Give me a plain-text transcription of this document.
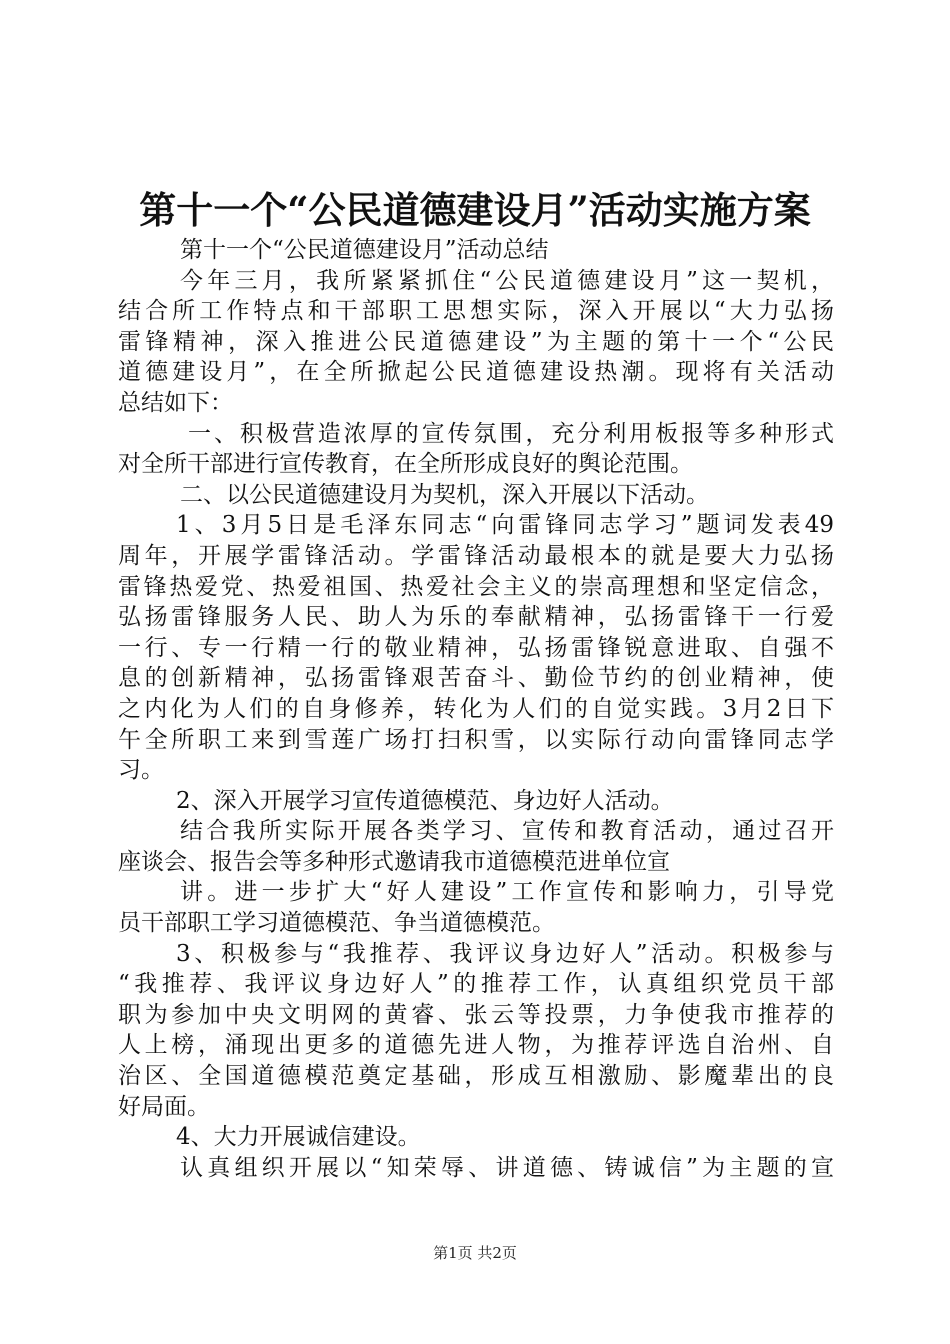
第十一个“公民道德建设月”活动实施方案
第十一个“公民道德建设月”活动总结
今年三月，我所紧紧抓住“公民道德建设月”这一契机，
结合所工作特点和干部职工思想实际，深入开展以“大力弘扬
雷锋精神，深入推进公民道德建设”为主题的第十一个“公民
道德建设月”，在全所掀起公民道德建设热潮。现将有关活动
总结如下：
一、积极营造浓厚的宣传氛围，充分利用板报等多种形式
对全所干部进行宣传教育，在全所形成良好的舆论范围。
二、以公民道德建设月为契机，深入开展以下活动。
1、3月5日是毛泽东同志“向雷锋同志学习”题词发表49
周年，开展学雷锋活动。学雷锋活动最根本的就是要大力弘扬
雷锋热爱党、热爱祖国、热爱社会主义的崇高理想和坚定信念，
弘扬雷锋服务人民、助人为乐的奉献精神，弘扬雷锋干一行爱
一行、专一行精一行的敬业精神，弘扬雷锋锐意进取、自强不
息的创新精神，弘扬雷锋艰苦奋斗、勤俭节约的创业精神，使
之内化为人们的自身修养，转化为人们的自觉实践。3月2日下
午全所职工来到雪莲广场打扫积雪，以实际行动向雷锋同志学
习。
2、深入开展学习宣传道德模范、身边好人活动。
结合我所实际开展各类学习、宣传和教育活动，通过召开
座谈会、报告会等多种形式邀请我市道德模范进单位宣
讲。进一步扩大“好人建设”工作宣传和影响力，引导党
员干部职工学习道德模范、争当道德模范。
3、积极参与“我推荐、我评议身边好人”活动。积极参与
“我推荐、我评议身边好人”的推荐工作，认真组织党员干部
职为参加中央文明网的黄睿、张云等投票，力争使我市推荐的
人上榜，涌现出更多的道德先进人物，为推荐评选自治州、自
治区、全国道德模范奠定基础，形成互相激励、影魔辈出的良
好局面。
4、大力开展诚信建设。
认真组织开展以“知荣辱、讲道德、铸诚信”为主题的宣
第1页 共2页
